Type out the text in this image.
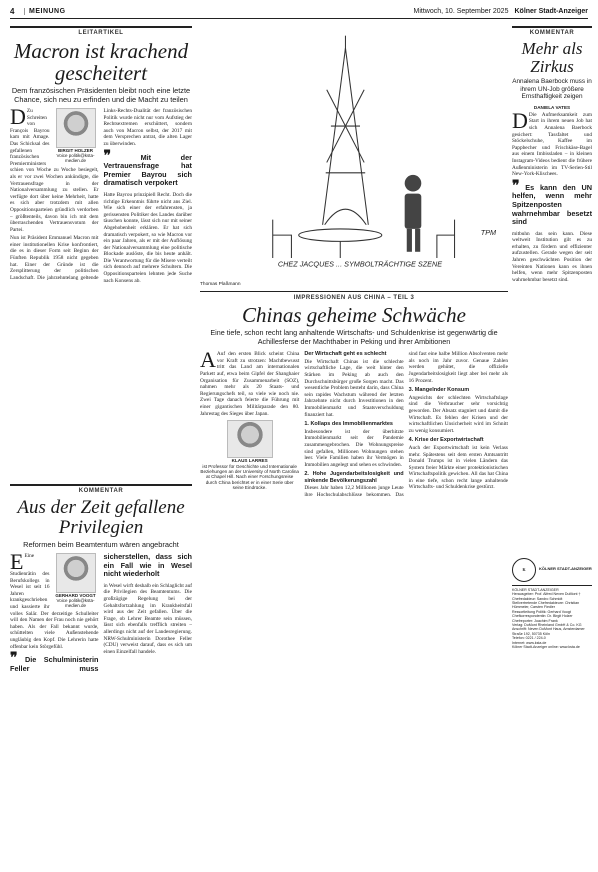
4	MEINUNG	Mittwoch, 10. September 2025 Kölner Stadt-Anzeiger
LEITARTIKEL
Macron ist krachend gescheitert
Dem französischen Präsidenten bleibt noch eine letzte Chance, sich neu zu erfinden und die Macht zu teilen
BIRGIT HOLZER
Voice politik@ksta-medien.de
D Zu Schreiten von François Bayrou kam mit Amage. Das Schicksal des gefallenen französischen Premierministers schien von Woche zu Woche besiegelt, als er vor zwei Wochen ankündigte, die Vertrauensfrage in der Nationalversammlung zu stellen. Er verfügte dort über keine Mehrheit, hatte es sich aber trotzdem mit allen Oppositionsparteien gründlich verdorben – größtenteils, davon bin ich mit dem überraschenden Vertrauensvotum der Partei.

Nun ist Präsident Emmanuel Macron mit einer institutionellen Krise konfrontiert, die es in dieser Form seit Beginn der Fünften Republik 1958 nicht gegeben hat. Einer der Gründe ist die Zersplitterung der politischen Landschaft. Die jahrzehntelang geltende Links-Rechts-Dualität der französischen Politik wurde nicht nur vom Aufstieg der Rechtsextremen erschüttert, sondern auch von Macron selbst, der 2017 mit dem Versprechen antrat, die alten Lager zu überwinden.

❞	Mit der Vertrauensfrage hat Premier Bayrou sich dramatisch verpokert

Hatte Bayrou prinzipiell Recht. Doch die richtige Erkenntnis führte nicht ans Ziel. Wie sich einer der erfahrensten, ja gerissensten Politiker des Landes darüber täuschen konnte, lässt sich nur mit seiner Abgehobenheit erklären. Er hat sich dramatisch verpokert, so wie Macron vor ein paar Jahren, als er mit der Auflösung der Nationalversammlung eine politische Blockade auslöste, die bis heute anhält. Die Verantwortung für die Misere verteilt sich dennoch auf mehrere Schultern. Die Oppositionsparteien lehnten jede Suche nach Konsens ab.

KOMMENTAR
Aus der Zeit gefallene Privilegien
Reformen beim Beamtentum wären angebracht
GERHARD VOOGT
Voice politik@ksta-medien.de
E Eine Studienrätin des Berufskollegs in Wesel ist seit 16 Jahren krankgeschrieben und kassierte ihr volles Salär. Der derzeitige Schulleiter will den Namen der Frau noch nie gehört haben. Als der Fall bekannt wurde, schüttelten viele Außenstehende ungläubig den Kopf. Die Lehrerin hatte offenbar kein Störgefühl.
❞ Die Schulministerin Feller muss sicherstellen, dass sich ein Fall wie in Wesel nicht wiederholt

in Wesel wirft deshalb ein Schlaglicht auf die Privilegien des Beamtentums. Die großzügige Regelung bei der Gehaltsfortzahlung im Krankheitsfall wird aus der Zeit gefallen. Über die Frage, ob Lehrer Beamte sein müssen, lässt sich ebenfalls trefflich streiten – allerdings nicht auf der Landesregierung. NRW-Schulministerin Dorothee Feller (CDU) verweist darauf, dass es sich um einen Einzelfall handele.

TPM
CHEZ JACQUES ... SYMBOLTRÄCHTIGE SZENE
Thomas Plaßmann
IMPRESSIONEN AUS CHINA – TEIL 3
Chinas geheime Schwäche
Eine tiefe, schon recht lang anhaltende Wirtschafts- und Schuldenkrise ist gegenwärtig die Achillesferse der Machthaber in Peking und ihrer Ambitionen
A Auf den ersten Blick scheint China vor Kraft zu strotzen: Machtbewusst tritt das Land am internationalen Parkett auf, etwa beim Gipfel der Shanghaier Organisation für Zusammenarbeit (SOZ), nahmen mehr als 20 Staats- und Regierungschefs teil, so viele wie noch nie. Zwei Tage danach feierte die Führung mit einer gigantischen Militärparade den 80. Jahrestag des Sieges über Japan.
KLAUS LARRES
ist Professor für Geschichte und Internationale Beziehungen an der University of North Carolina at Chapel Hill. Nach einer Forschungsreise durch China berichtet er in einer Serie über seine Eindrücke.
Der Wirtschaft geht es schlecht

Die Wirtschaft Chinas ist die schlechte wirtschaftliche Lage, die weit hinter den Stärken im Peking ab auch den Durchschnittsbürger große Sorgen macht. Das wesentliche Problem besteht darin, dass China sein rapides Wachstum während der letzten Jahrzehnte nicht durch Investitionen in den Immobilienmarkt und Staatsverschuldung finanziert hat.

1. Kollaps des Immobilienmarktes

Insbesondere ist der überhitzte Immobilienmarkt seit der Pandemie zusammengebrochen. Die Wohnungspreise sind gefallen, Millionen Wohnungen stehen leer. Viele Familien haben ihr Vermögen in Immobilien angelegt und sehen es schwinden.

2. Hohe Jugendarbeitslosigkeit und sinkende Bevölkerungszahl

Dieses Jahr haben 12,2 Millionen junge Leute ihre Hochschulabschlüsse bekommen. Das sind fast eine halbe Million Absolventen mehr als noch im Jahr zuvor. Genaue Zahlen werden gehütet, die offizielle Jugendarbeitslosigkeit liegt aber bei mehr als 16 Prozent.

3. Mangelnder Konsum

Angesichts der schlechten Wirtschaftslage sind die Verbraucher sehr vorsichtig geworden. Der Absatz stagniert und damit die Wirtschaft. Es fehlen der Krisen und der wirtschaftlichen Unsicherheit wird im Schnitt zu wenig konsumiert.

4. Krise der Exportwirtschaft

Auch der Exportwirtschaft ist kein Verlass mehr. Spätestens seit dem ersten Amtsantritt Donald Trumps ist in vielen Ländern das System freier Märkte einer protektionistischen Wirtschaftspolitik gewichen. All das hat China in eine tiefe, schon recht lange anhaltende Wirtschafts- und Schuldenkrise gestürzt.

KOMMENTAR
Mehr als Zirkus
Annalena Baerbock muss in ihrem UN-Job größere Ernsthaftigkeit zeigen
DANIELA VATES
D Die Aufmerksamkeit zum Start in ihrem neuen Job hat sich Annalena Baerbock gesichert: Tassfaltet und Stöckelschuhe, Kaffee im Pappbecher und Frischkäse-Bagel aus einem Imbissladen – in kleinen Instagram-Videos bedient die frühere Außenministerin im TV-Serien-Stil New-York-Klischees.
❞ Es kann den UN helfen, wenn mehr Spitzenposten wahrnehmbar besetzt sind

mitbuhn das sein kann. Diese weltweit Institution gilt es zu erhalten, zu fördern und effizienter aufzustellen. Gerade wegen der seit Jahren geschwächten Position der Vereinten Nationen kann es ihnen helfen, wenn mehr Spitzenposten wahrnehmbar besetzt sind.

K	KÖLNER STADT-ANZEIGER
KÖLNER STADT-ANZEIGER
Herausgeber: Prof. Alfred Neven DuMont †
Chefredakteur: Sandro Schmidt
Stellvertretende Chefredakteure: Christian Hümmeler, Carsten Fiedler
Ressortleitung Politik: Gerhard Voogt
Chefkorrespondentin: Dr. Birgit Holzer
Chefreporter: Joachim Frank
Verlag: DuMont Rheinland GmbH & Co. KG
Anschrift: Neven DuMont Haus, Amsterdamer Straße 192, 50735 Köln
Telefon: 0221 / 224-0
Internet: www.ksta.de
Kölner Stadt-Anzeiger online: www.ksta.de
